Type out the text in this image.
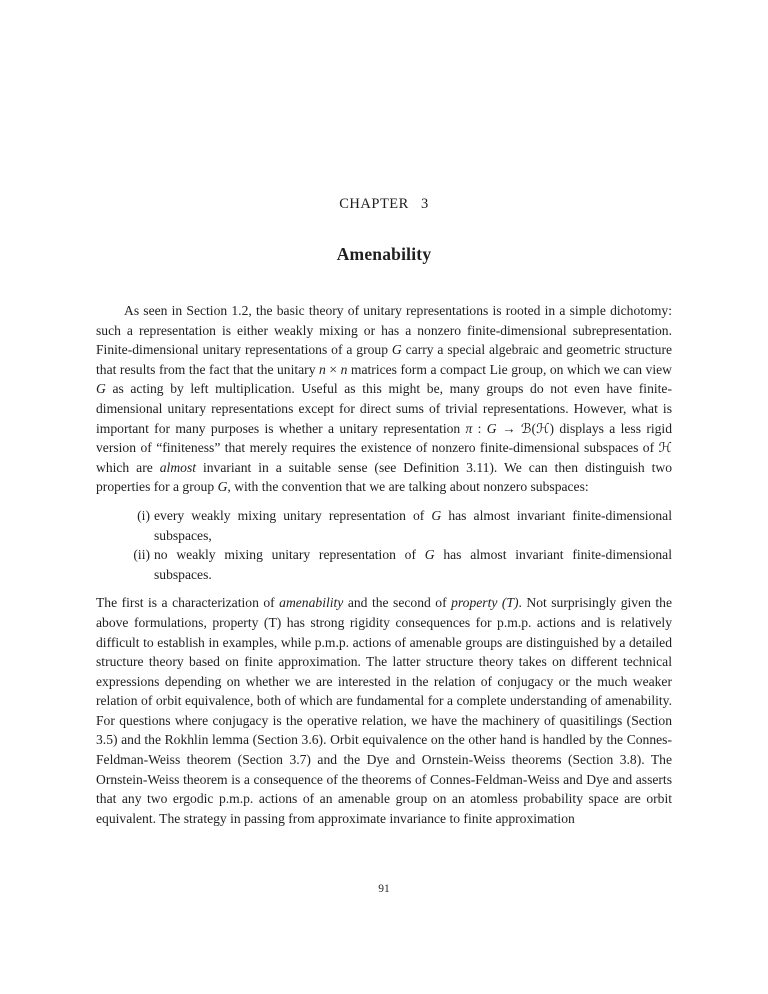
CHAPTER 3
Amenability

As seen in Section 1.2, the basic theory of unitary representations is rooted in a simple dichotomy: such a representation is either weakly mixing or has a nonzero finite-dimensional subrepresentation. Finite-dimensional unitary representations of a group G carry a special algebraic and geometric structure that results from the fact that the unitary n × n matrices form a compact Lie group, on which we can view G as acting by left multiplication. Useful as this might be, many groups do not even have finite-dimensional unitary representations except for direct sums of trivial representations. However, what is important for many purposes is whether a unitary representation π : G → ℬ(ℋ) displays a less rigid version of “finiteness” that merely requires the existence of nonzero finite-dimensional subspaces of ℋ which are almost invariant in a suitable sense (see Definition 3.11). We can then distinguish two properties for a group G, with the convention that we are talking about nonzero subspaces:

(i) every weakly mixing unitary representation of G has almost invariant finite-dimensional subspaces,
(ii) no weakly mixing unitary representation of G has almost invariant finite-dimensional subspaces.

The first is a characterization of amenability and the second of property (T). Not surprisingly given the above formulations, property (T) has strong rigidity consequences for p.m.p. actions and is relatively difficult to establish in examples, while p.m.p. actions of amenable groups are distinguished by a detailed structure theory based on finite approximation. The latter structure theory takes on different technical expressions depending on whether we are interested in the relation of conjugacy or the much weaker relation of orbit equivalence, both of which are fundamental for a complete understanding of amenability. For questions where conjugacy is the operative relation, we have the machinery of quasitilings (Section 3.5) and the Rokhlin lemma (Section 3.6). Orbit equivalence on the other hand is handled by the Connes-Feldman-Weiss theorem (Section 3.7) and the Dye and Ornstein-Weiss theorems (Section 3.8). The Ornstein-Weiss theorem is a consequence of the theorems of Connes-Feldman-Weiss and Dye and asserts that any two ergodic p.m.p. actions of an amenable group on an atomless probability space are orbit equivalent. The strategy in passing from approximate invariance to finite approximation

91
